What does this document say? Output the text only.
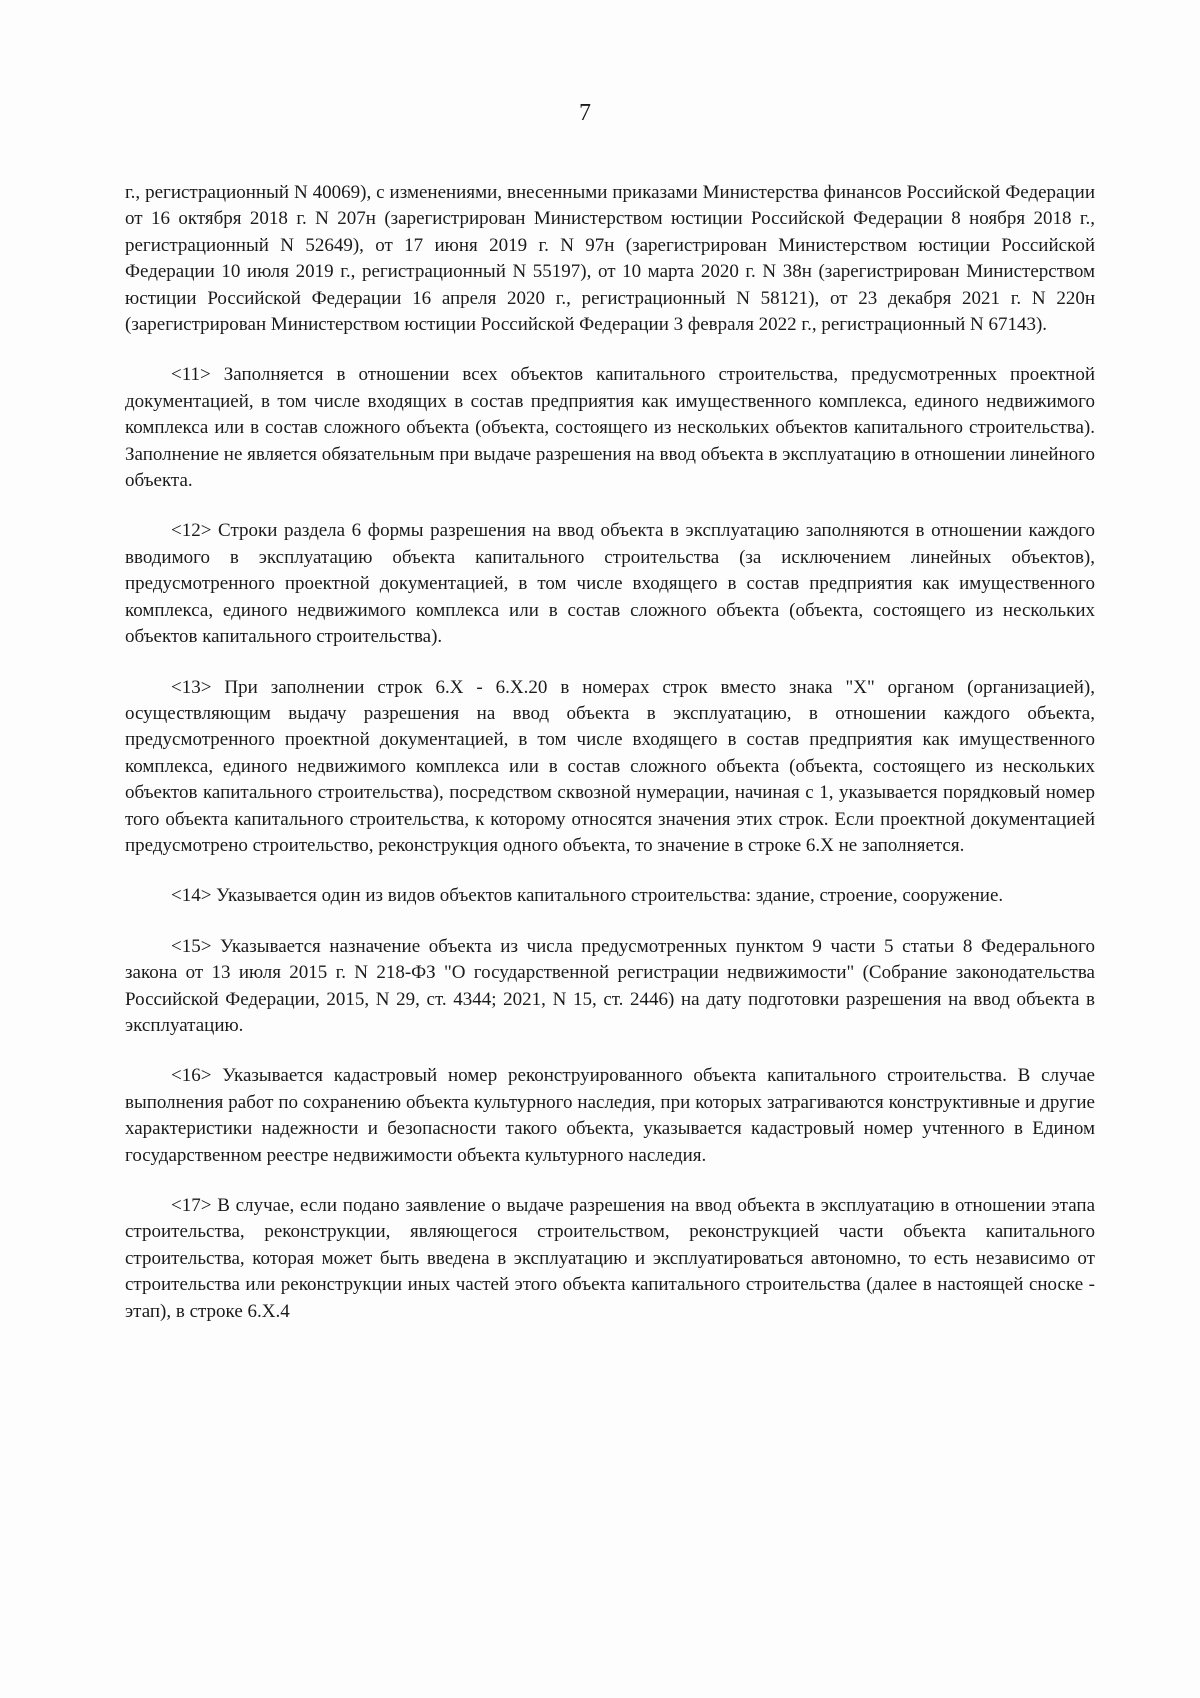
7

г., регистрационный N 40069), с изменениями, внесенными приказами Министерства финансов Российской Федерации от 16 октября 2018 г. N 207н (зарегистрирован Министерством юстиции Российской Федерации 8 ноября 2018 г., регистрационный N 52649), от 17 июня 2019 г. N 97н (зарегистрирован Министерством юстиции Российской Федерации 10 июля 2019 г., регистрационный N 55197), от 10 марта 2020 г. N 38н (зарегистрирован Министерством юстиции Российской Федерации 16 апреля 2020 г., регистрационный N 58121), от 23 декабря 2021 г. N 220н (зарегистрирован Министерством юстиции Российской Федерации 3 февраля 2022 г., регистрационный N 67143).

<11> Заполняется в отношении всех объектов капитального строительства, предусмотренных проектной документацией, в том числе входящих в состав предприятия как имущественного комплекса, единого недвижимого комплекса или в состав сложного объекта (объекта, состоящего из нескольких объектов капитального строительства). Заполнение не является обязательным при выдаче разрешения на ввод объекта в эксплуатацию в отношении линейного объекта.

<12> Строки раздела 6 формы разрешения на ввод объекта в эксплуатацию заполняются в отношении каждого вводимого в эксплуатацию объекта капитального строительства (за исключением линейных объектов), предусмотренного проектной документацией, в том числе входящего в состав предприятия как имущественного комплекса, единого недвижимого комплекса или в состав сложного объекта (объекта, состоящего из нескольких объектов капитального строительства).

<13> При заполнении строк 6.Х - 6.Х.20 в номерах строк вместо знака "Х" органом (организацией), осуществляющим выдачу разрешения на ввод объекта в эксплуатацию, в отношении каждого объекта, предусмотренного проектной документацией, в том числе входящего в состав предприятия как имущественного комплекса, единого недвижимого комплекса или в состав сложного объекта (объекта, состоящего из нескольких объектов капитального строительства), посредством сквозной нумерации, начиная с 1, указывается порядковый номер того объекта капитального строительства, к которому относятся значения этих строк. Если проектной документацией предусмотрено строительство, реконструкция одного объекта, то значение в строке 6.Х не заполняется.

<14> Указывается один из видов объектов капитального строительства: здание, строение, сооружение.

<15> Указывается назначение объекта из числа предусмотренных пунктом 9 части 5 статьи 8 Федерального закона от 13 июля 2015 г. N 218-ФЗ "О государственной регистрации недвижимости" (Собрание законодательства Российской Федерации, 2015, N 29, ст. 4344; 2021, N 15, ст. 2446) на дату подготовки разрешения на ввод объекта в эксплуатацию.

<16> Указывается кадастровый номер реконструированного объекта капитального строительства. В случае выполнения работ по сохранению объекта культурного наследия, при которых затрагиваются конструктивные и другие характеристики надежности и безопасности такого объекта, указывается кадастровый номер учтенного в Едином государственном реестре недвижимости объекта культурного наследия.

<17> В случае, если подано заявление о выдаче разрешения на ввод объекта в эксплуатацию в отношении этапа строительства, реконструкции, являющегося строительством, реконструкцией части объекта капитального строительства, которая может быть введена в эксплуатацию и эксплуатироваться автономно, то есть независимо от строительства или реконструкции иных частей этого объекта капитального строительства (далее в настоящей сноске - этап), в строке 6.Х.4
